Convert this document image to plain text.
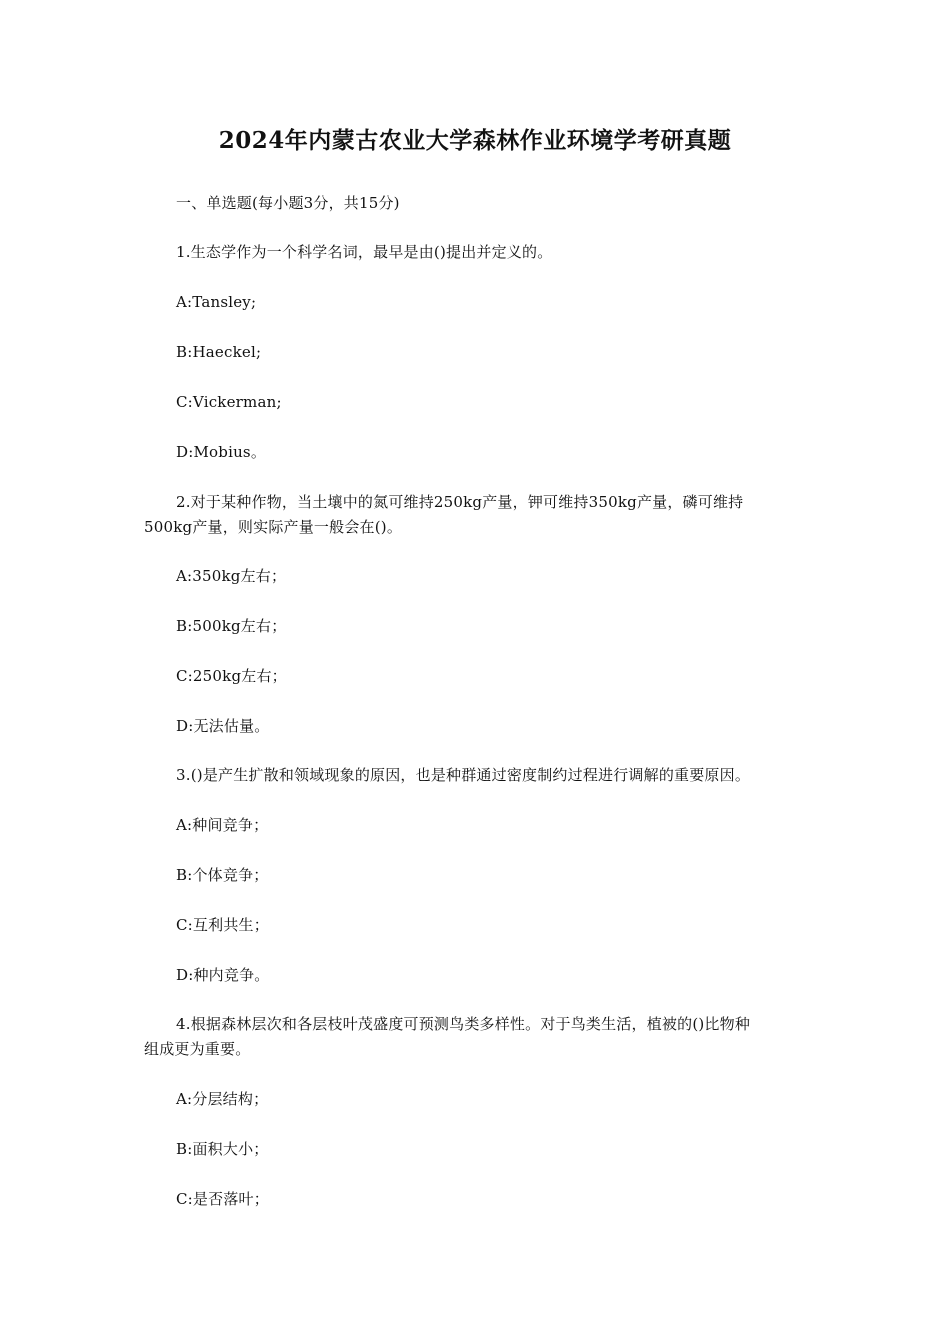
2024年内蒙古农业大学森林作业环境学考研真题
一、单选题(每小题3分，共15分)
1.生态学作为一个科学名词，最早是由()提出并定义的。
A:Tansley;
B:Haeckel;
C:Vickerman;
D:Mobius。
2.对于某种作物，当土壤中的氮可维持250kg产量，钾可维持350kg产量，磷可维持
500kg产量，则实际产量一般会在()。
A:350kg左右；
B:500kg左右；
C:250kg左右；
D:无法估量。
3.()是产生扩散和领域现象的原因，也是种群通过密度制约过程进行调解的重要原因。
A:种间竞争；
B:个体竞争；
C:互利共生；
D:种内竞争。
4.根据森林层次和各层枝叶茂盛度可预测鸟类多样性。对于鸟类生活，植被的()比物种
组成更为重要。
A:分层结构；
B:面积大小；
C:是否落叶；
